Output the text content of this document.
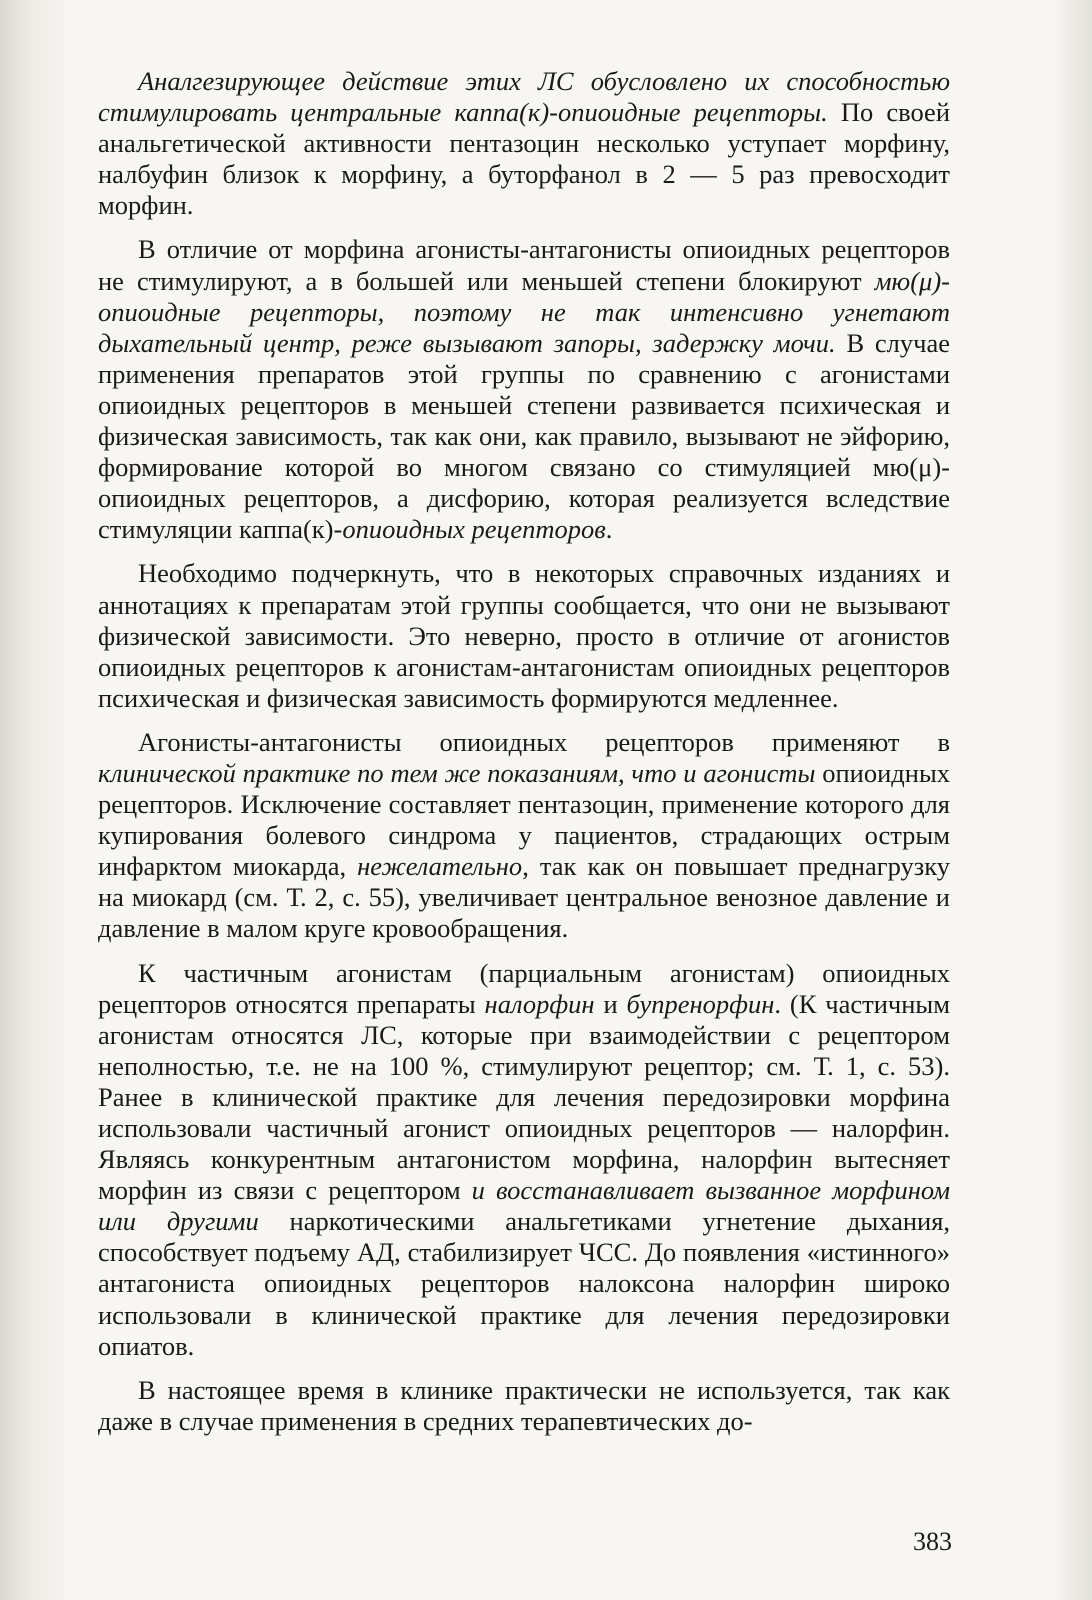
Аналгезирующее действие этих ЛС обусловлено их способностью стимулировать центральные каппа(к)-опиоидные рецепторы. По своей анальгетической активности пентазоцин несколько уступает морфину, налбуфин близок к морфину, а буторфанол в 2 — 5 раз превосходит морфин.

В отличие от морфина агонисты-антагонисты опиоидных рецепторов не стимулируют, а в большей или меньшей степени блокируют мю(μ)-опиоидные рецепторы, поэтому не так интенсивно угнетают дыхательный центр, реже вызывают запоры, задержку мочи. В случае применения препаратов этой группы по сравнению с агонистами опиоидных рецепторов в меньшей степени развивается психическая и физическая зависимость, так как они, как правило, вызывают не эйфорию, формирование которой во многом связано со стимуляцией мю(μ)-опиоидных рецепторов, а дисфорию, которая реализуется вследствие стимуляции каппа(к)-опиоидных рецепторов.

Необходимо подчеркнуть, что в некоторых справочных изданиях и аннотациях к препаратам этой группы сообщается, что они не вызывают физической зависимости. Это неверно, просто в отличие от агонистов опиоидных рецепторов к агонистам-антагонистам опиоидных рецепторов психическая и физическая зависимость формируются медленнее.

Агонисты-антагонисты опиоидных рецепторов применяют в клинической практике по тем же показаниям, что и агонисты опиоидных рецепторов. Исключение составляет пентазоцин, применение которого для купирования болевого синдрома у пациентов, страдающих острым инфарктом миокарда, нежелательно, так как он повышает преднагрузку на миокард (см. Т. 2, с. 55), увеличивает центральное венозное давление и давление в малом круге кровообращения.

К частичным агонистам (парциальным агонистам) опиоидных рецепторов относятся препараты налорфин и бупренорфин. (К частичным агонистам относятся ЛС, которые при взаимодействии с рецептором неполностью, т.е. не на 100 %, стимулируют рецептор; см. Т. 1, с. 53). Ранее в клинической практике для лечения передозировки морфина использовали частичный агонист опиоидных рецепторов — налорфин. Являясь конкурентным антагонистом морфина, налорфин вытесняет морфин из связи с рецептором и восстанавливает вызванное морфином или другими наркотическими анальгетиками угнетение дыхания, способствует подъему АД, стабилизирует ЧСС. До появления «истинного» антагониста опиоидных рецепторов налоксона налорфин широко использовали в клинической практике для лечения передозировки опиатов.

В настоящее время в клинике практически не используется, так как даже в случае применения в средних терапевтических до-

383
